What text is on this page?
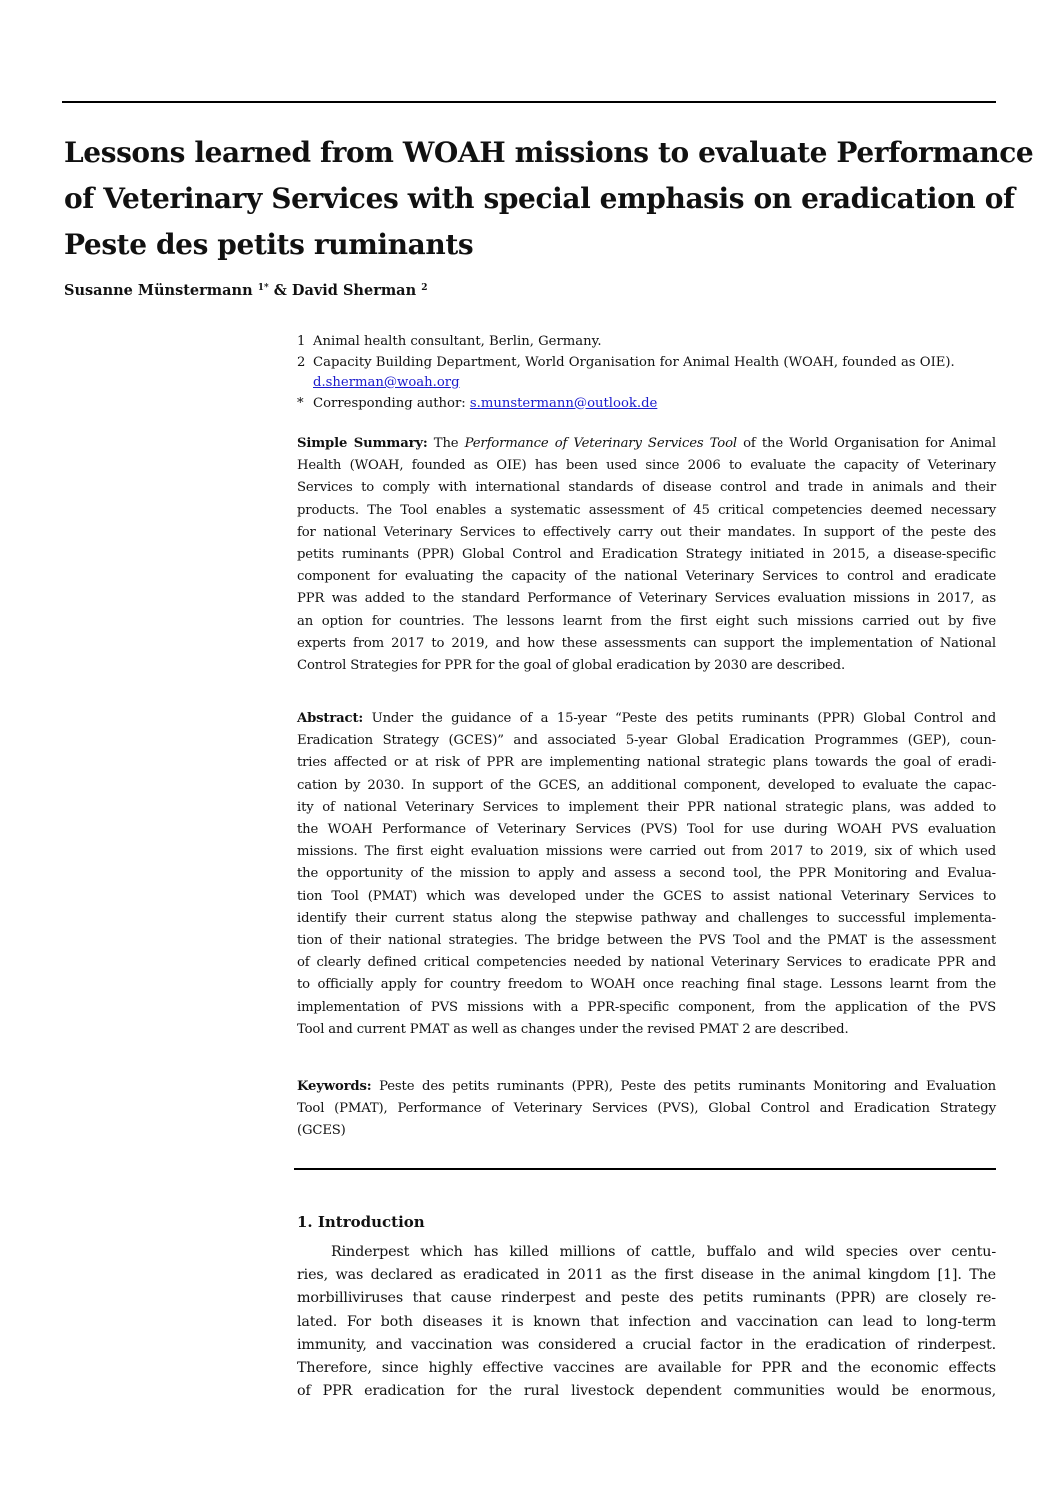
Lessons learned from WOAH missions to evaluate Performance
of Veterinary Services with special emphasis on eradication of
Peste des petits ruminants
Susanne Münstermann $^{1*}$ & David Sherman $^2$
1 Animal health consultant, Berlin, Germany.
2 Capacity Building Department, World Organisation for Animal Health (WOAH, founded as OIE).
d.sherman@woah.org
* Corresponding author: s.munstermann@outlook.de
Simple Summary: The Performance of Veterinary Services Tool of the World Organisation for Animal
Health (WOAH, founded as OIE) has been used since 2006 to evaluate the capacity of Veterinary
Services to comply with international standards of disease control and trade in animals and their
products. The Tool enables a systematic assessment of 45 critical competencies deemed necessary
for national Veterinary Services to effectively carry out their mandates. In support of the peste des
petits ruminants (PPR) Global Control and Eradication Strategy initiated in 2015, a disease-specific
component for evaluating the capacity of the national Veterinary Services to control and eradicate
PPR was added to the standard Performance of Veterinary Services evaluation missions in 2017, as
an option for countries. The lessons learnt from the first eight such missions carried out by five
experts from 2017 to 2019, and how these assessments can support the implementation of National
Control Strategies for PPR for the goal of global eradication by 2030 are described.
Abstract: Under the guidance of a 15-year “Peste des petits ruminants (PPR) Global Control and
Eradication Strategy (GCES)” and associated 5-year Global Eradication Programmes (GEP), coun-
tries affected or at risk of PPR are implementing national strategic plans towards the goal of eradi-
cation by 2030. In support of the GCES, an additional component, developed to evaluate the capac-
ity of national Veterinary Services to implement their PPR national strategic plans, was added to
the WOAH Performance of Veterinary Services (PVS) Tool for use during WOAH PVS evaluation
missions. The first eight evaluation missions were carried out from 2017 to 2019, six of which used
the opportunity of the mission to apply and assess a second tool, the PPR Monitoring and Evalua-
tion Tool (PMAT) which was developed under the GCES to assist national Veterinary Services to
identify their current status along the stepwise pathway and challenges to successful implementa-
tion of their national strategies. The bridge between the PVS Tool and the PMAT is the assessment
of clearly defined critical competencies needed by national Veterinary Services to eradicate PPR and
to officially apply for country freedom to WOAH once reaching final stage. Lessons learnt from the
implementation of PVS missions with a PPR-specific component, from the application of the PVS
Tool and current PMAT as well as changes under the revised PMAT 2 are described.
Keywords: Peste des petits ruminants (PPR), Peste des petits ruminants Monitoring and Evaluation
Tool (PMAT), Performance of Veterinary Services (PVS), Global Control and Eradication Strategy
(GCES)
1. Introduction
Rinderpest which has killed millions of cattle, buffalo and wild species over centu-
ries, was declared as eradicated in 2011 as the first disease in the animal kingdom [1]. The
morbilliviruses that cause rinderpest and peste des petits ruminants (PPR) are closely re-
lated. For both diseases it is known that infection and vaccination can lead to long-term
immunity, and vaccination was considered a crucial factor in the eradication of rinderpest.
Therefore, since highly effective vaccines are available for PPR and the economic effects
of PPR eradication for the rural livestock dependent communities would be enormous,
